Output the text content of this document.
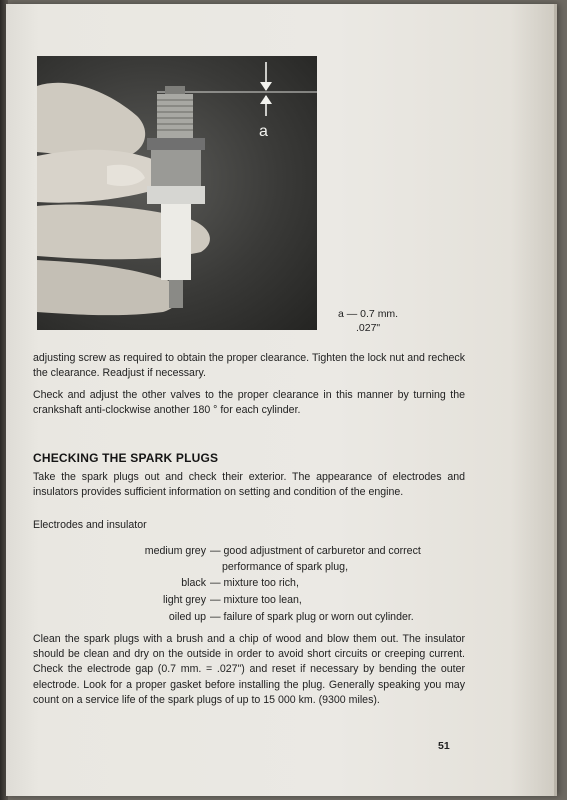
a
a — 0.7 mm.
.027"

adjusting screw as required to obtain the proper clearance. Tighten the lock nut and recheck the clearance. Readjust if necessary.

Check and adjust the other valves to the proper clearance in this manner by turning the crankshaft anti-clockwise another 180 ° for each cylinder.

CHECKING THE SPARK PLUGS

Take the spark plugs out and check their exterior. The appearance of electrodes and insulators provides sufficient information on setting and condition of the engine.

Electrodes and insulator

medium grey — good adjustment of carburetor and correct
performance of spark plug,
black — mixture too rich,
light grey — mixture too lean,
oiled up — failure of spark plug or worn out cylinder.

Clean the spark plugs with a brush and a chip of wood and blow them out. The insulator should be clean and dry on the outside in order to avoid short circuits or creeping current. Check the electrode gap (0.7 mm. = .027") and reset if necessary by bending the outer electrode. Look for a proper gasket before installing the plug. Generally speaking you may count on a service life of the spark plugs of up to 15 000 km. (9300 miles).

51
